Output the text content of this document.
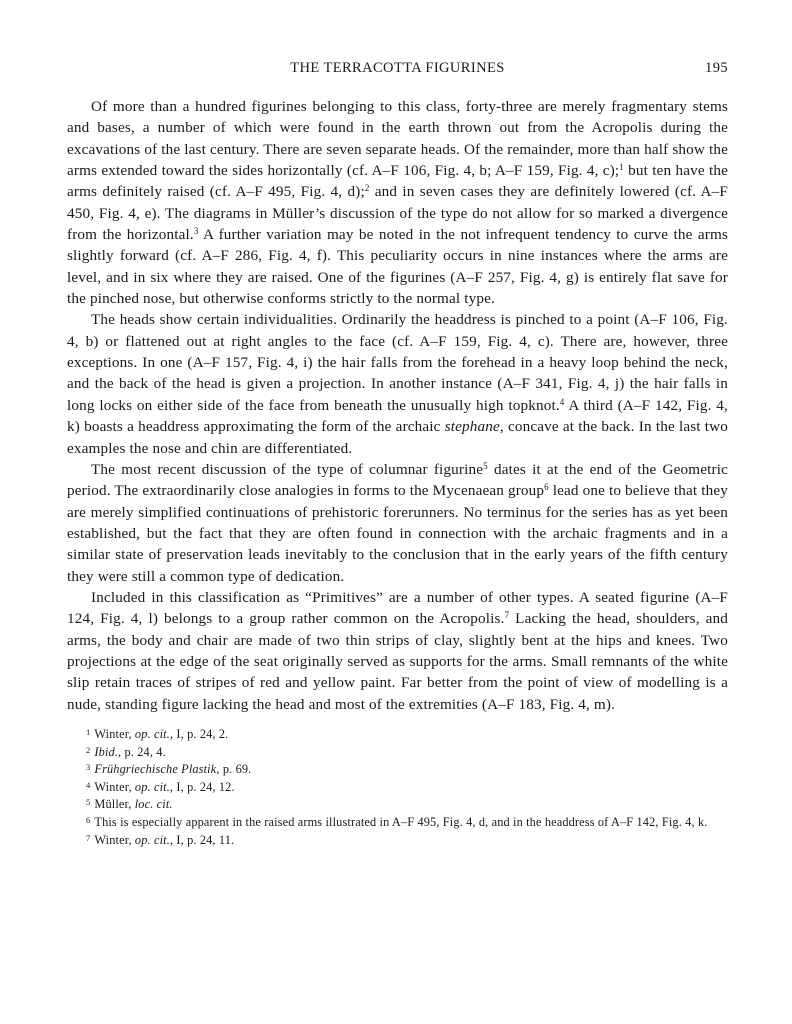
THE TERRACOTTA FIGURINES	195

Of more than a hundred figurines belonging to this class, forty-three are merely fragmentary stems and bases, a number of which were found in the earth thrown out from the Acropolis during the excavations of the last century. There are seven separate heads. Of the remainder, more than half show the arms extended toward the sides horizontally (cf. A–F 106, Fig. 4, b; A–F 159, Fig. 4, c);$^1$ but ten have the arms definitely raised (cf. A–F 495, Fig. 4, d);$^2$ and in seven cases they are definitely lowered (cf. A–F 450, Fig. 4, e). The diagrams in Müller’s discussion of the type do not allow for so marked a divergence from the horizontal.$^3$ A further variation may be noted in the not infrequent tendency to curve the arms slightly forward (cf. A–F 286, Fig. 4, f). This peculiarity occurs in nine instances where the arms are level, and in six where they are raised. One of the figurines (A–F 257, Fig. 4, g) is entirely flat save for the pinched nose, but otherwise conforms strictly to the normal type.

The heads show certain individualities. Ordinarily the headdress is pinched to a point (A–F 106, Fig. 4, b) or flattened out at right angles to the face (cf. A–F 159, Fig. 4, c). There are, however, three exceptions. In one (A–F 157, Fig. 4, i) the hair falls from the forehead in a heavy loop behind the neck, and the back of the head is given a projection. In another instance (A–F 341, Fig. 4, j) the hair falls in long locks on either side of the face from beneath the unusually high topknot.$^4$ A third (A–F 142, Fig. 4, k) boasts a headdress approximating the form of the archaic stephane, concave at the back. In the last two examples the nose and chin are differentiated.

The most recent discussion of the type of columnar figurine$^5$ dates it at the end of the Geometric period. The extraordinarily close analogies in forms to the Mycenaean group$^6$ lead one to believe that they are merely simplified continuations of prehistoric forerunners. No terminus for the series has as yet been established, but the fact that they are often found in connection with the archaic fragments and in a similar state of preservation leads inevitably to the conclusion that in the early years of the fifth century they were still a common type of dedication.

Included in this classification as “Primitives” are a number of other types. A seated figurine (A–F 124, Fig. 4, l) belongs to a group rather common on the Acropolis.$^7$ Lacking the head, shoulders, and arms, the body and chair are made of two thin strips of clay, slightly bent at the hips and knees. Two projections at the edge of the seat originally served as supports for the arms. Small remnants of the white slip retain traces of stripes of red and yellow paint. Far better from the point of view of modelling is a nude, standing figure lacking the head and most of the extremities (A–F 183, Fig. 4, m).

$^1$ Winter, op. cit., I, p. 24, 2.

$^2$ Ibid., p. 24, 4.

$^3$ Frühgriechische Plastik, p. 69.

$^4$ Winter, op. cit., I, p. 24, 12.

$^5$ Müller, loc. cit.

$^6$ This is especially apparent in the raised arms illustrated in A–F 495, Fig. 4, d, and in the headdress of A–F 142, Fig. 4, k.

$^7$ Winter, op. cit., I, p. 24, 11.
